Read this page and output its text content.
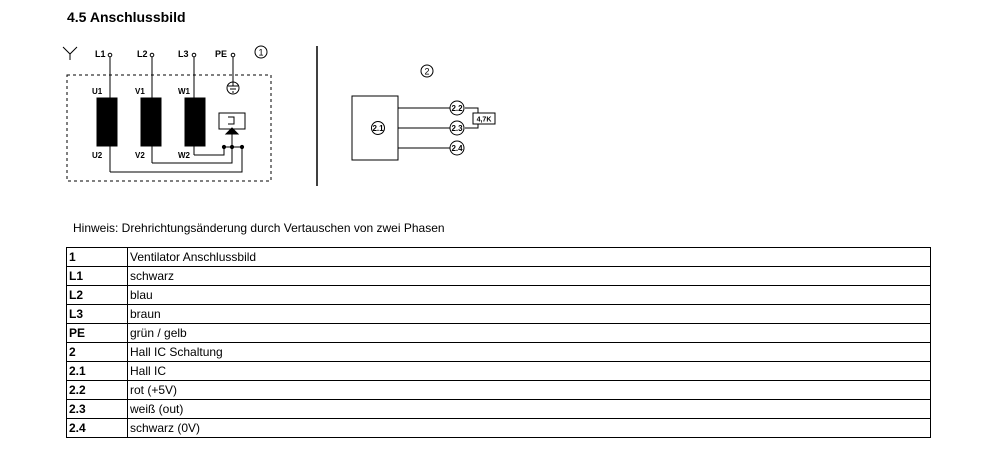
4.5 Anschlussbild
L1	L2	L3	PE
U1	V1	W1
U2	V2	W2
1
2.1
2.2
2.3
2.4
4,7K
2
Hinweis: Drehrichtungsänderung durch Vertauschen von zwei Phasen
1	Ventilator Anschlussbild
L1	schwarz
L2	blau
L3	braun
PE	grün / gelb
2	Hall IC Schaltung
2.1	Hall IC
2.2	rot (+5V)
2.3	weiß (out)
2.4	schwarz (0V)
